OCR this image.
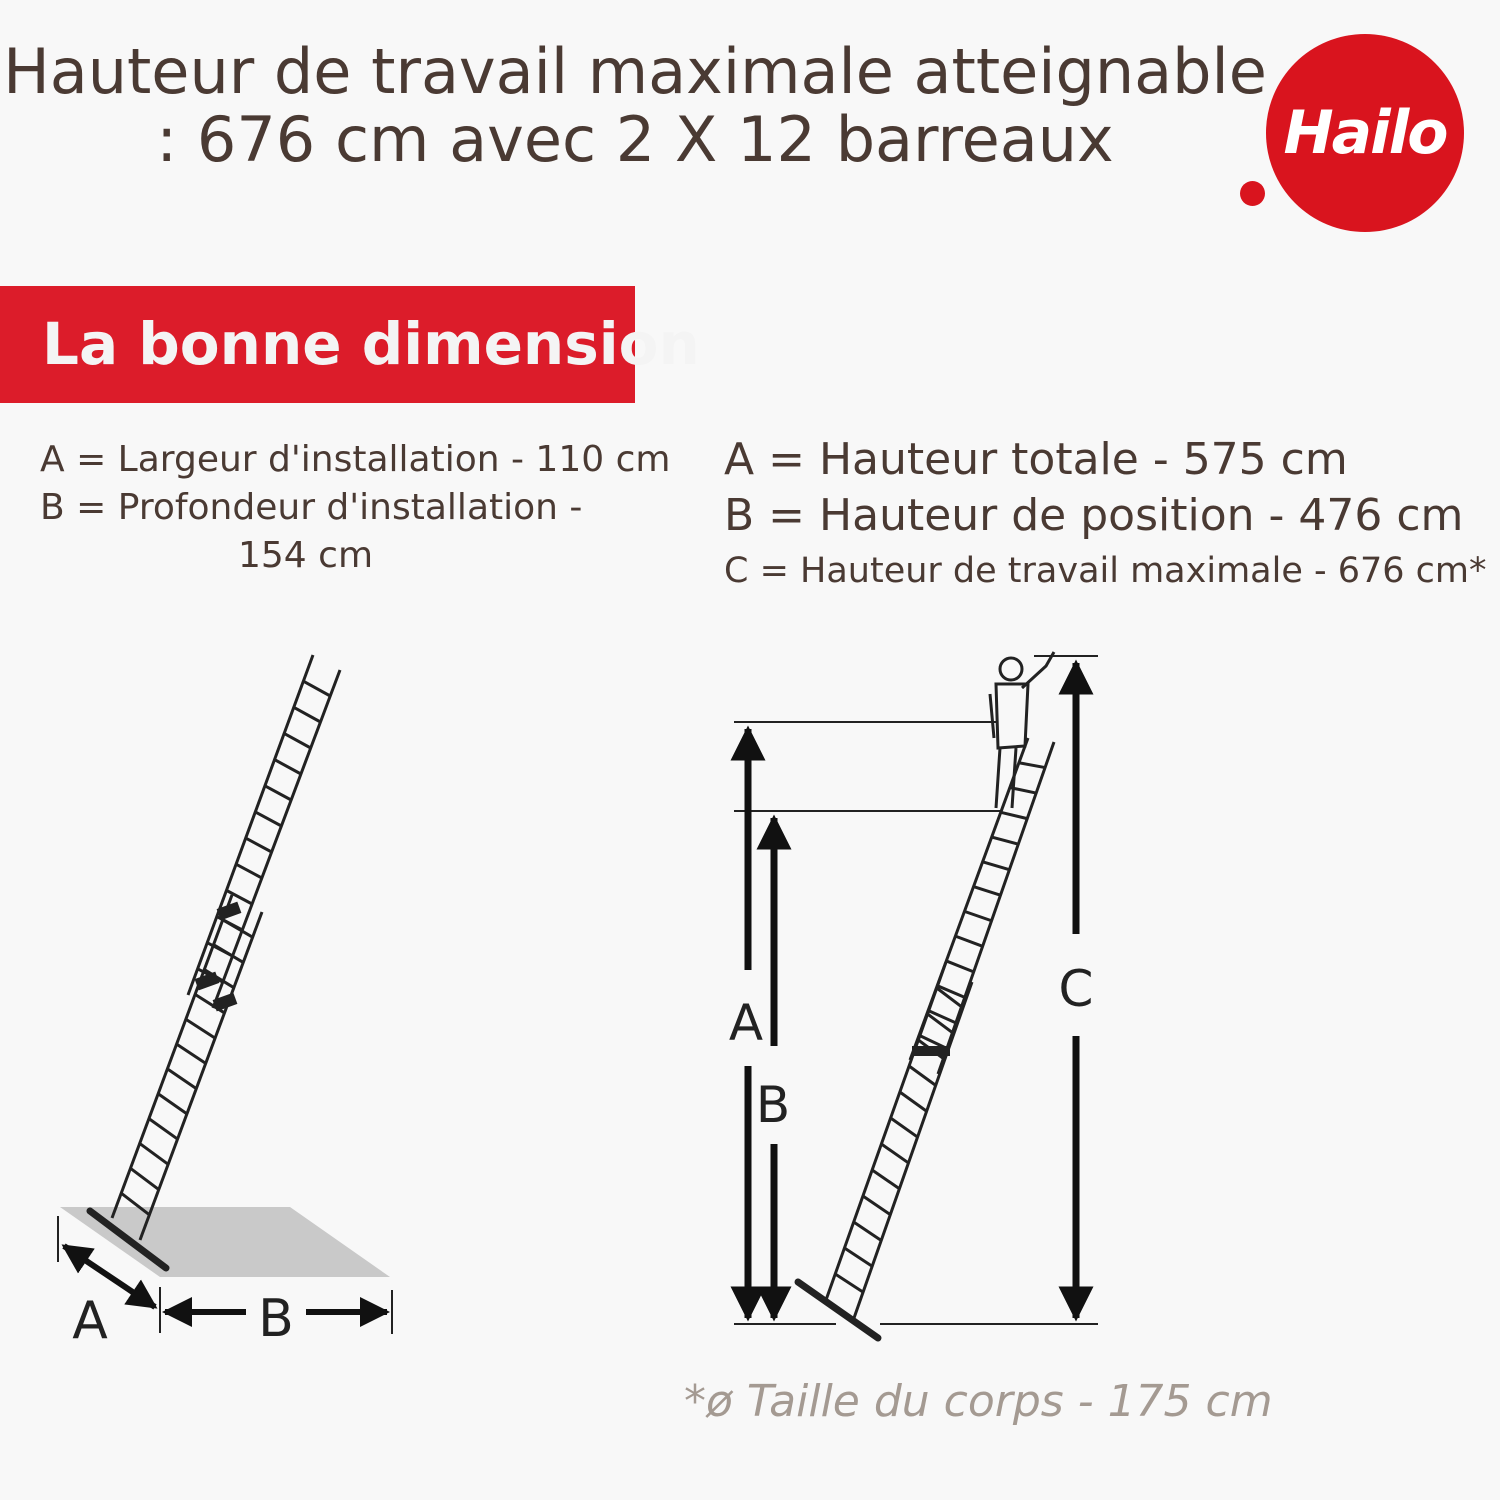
Hauteur de travail maximale atteignable
: 676 cm avec 2 X 12 barreaux	Hailo
La bonne dimension
A = Largeur d'installation - 110 cm
B = Profondeur d'installation -
154 cm
A = Hauteur totale - 575 cm
B = Hauteur de position - 476 cm
C = Hauteur de travail maximale - 676 cm*
A	B
A
B
C
*ø Taille du corps - 175 cm
